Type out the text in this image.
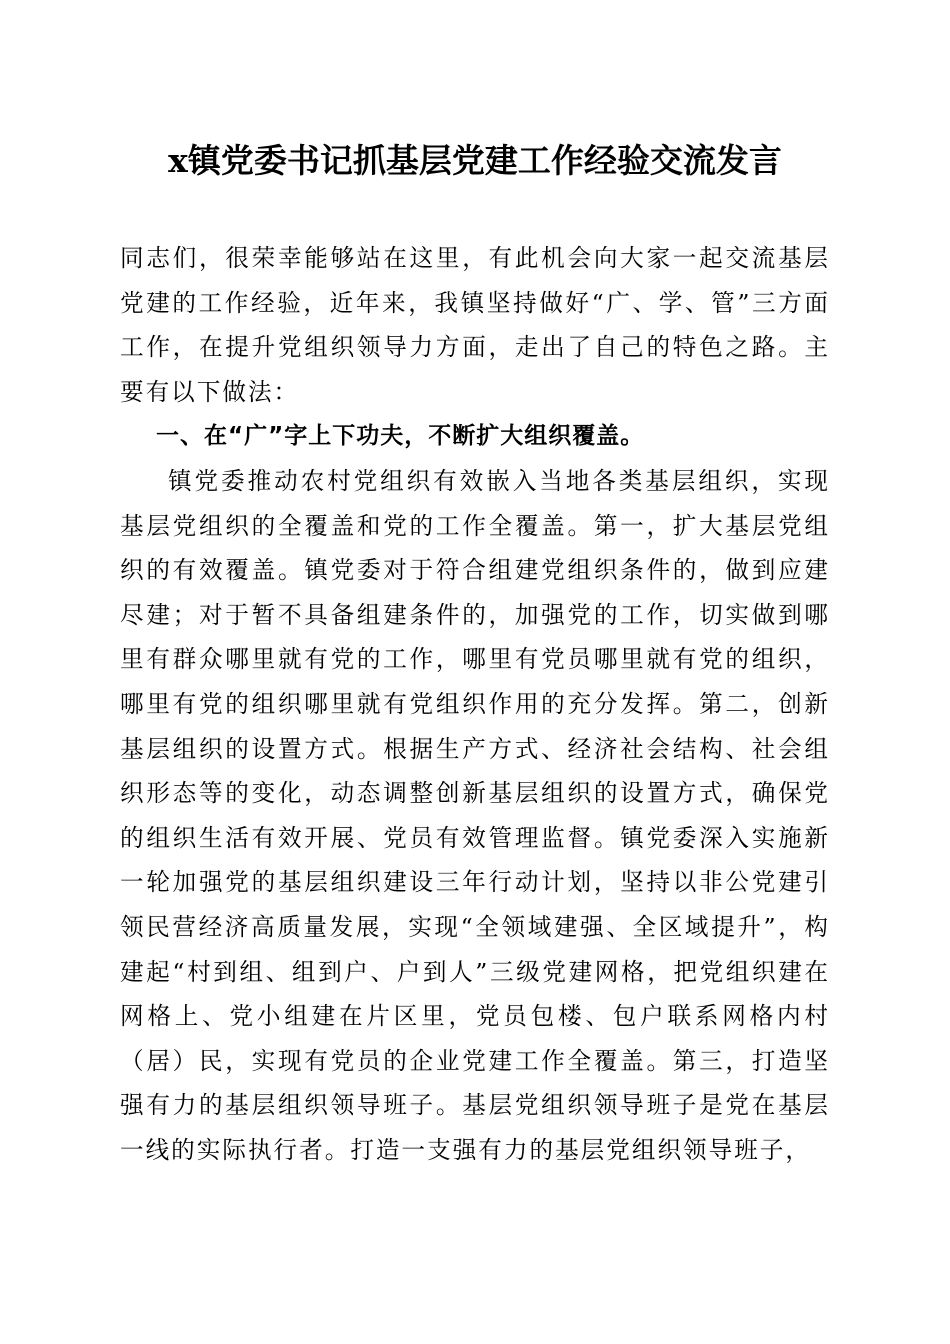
x镇党委书记抓基层党建工作经验交流发言

同志们，很荣幸能够站在这里，有此机会向大家一起交流基层党建的工作经验，近年来，我镇坚持做好“广、学、管”三方面工作，在提升党组织领导力方面，走出了自己的特色之路。主要有以下做法：

一、在“广”字上下功夫，不断扩大组织覆盖。

镇党委推动农村党组织有效嵌入当地各类基层组织，实现基层党组织的全覆盖和党的工作全覆盖。第一，扩大基层党组织的有效覆盖。镇党委对于符合组建党组织条件的，做到应建尽建；对于暂不具备组建条件的，加强党的工作，切实做到哪里有群众哪里就有党的工作，哪里有党员哪里就有党的组织，哪里有党的组织哪里就有党组织作用的充分发挥。第二，创新基层组织的设置方式。根据生产方式、经济社会结构、社会组织形态等的变化，动态调整创新基层组织的设置方式，确保党的组织生活有效开展、党员有效管理监督。镇党委深入实施新一轮加强党的基层组织建设三年行动计划，坚持以非公党建引领民营经济高质量发展，实现“全领域建强、全区域提升”，构建起“村到组、组到户、户到人”三级党建网格，把党组织建在网格上、党小组建在片区里，党员包楼、包户联系网格内村（居）民，实现有党员的企业党建工作全覆盖。第三，打造坚强有力的基层组织领导班子。基层党组织领导班子是党在基层一线的实际执行者。打造一支强有力的基层党组织领导班子，
